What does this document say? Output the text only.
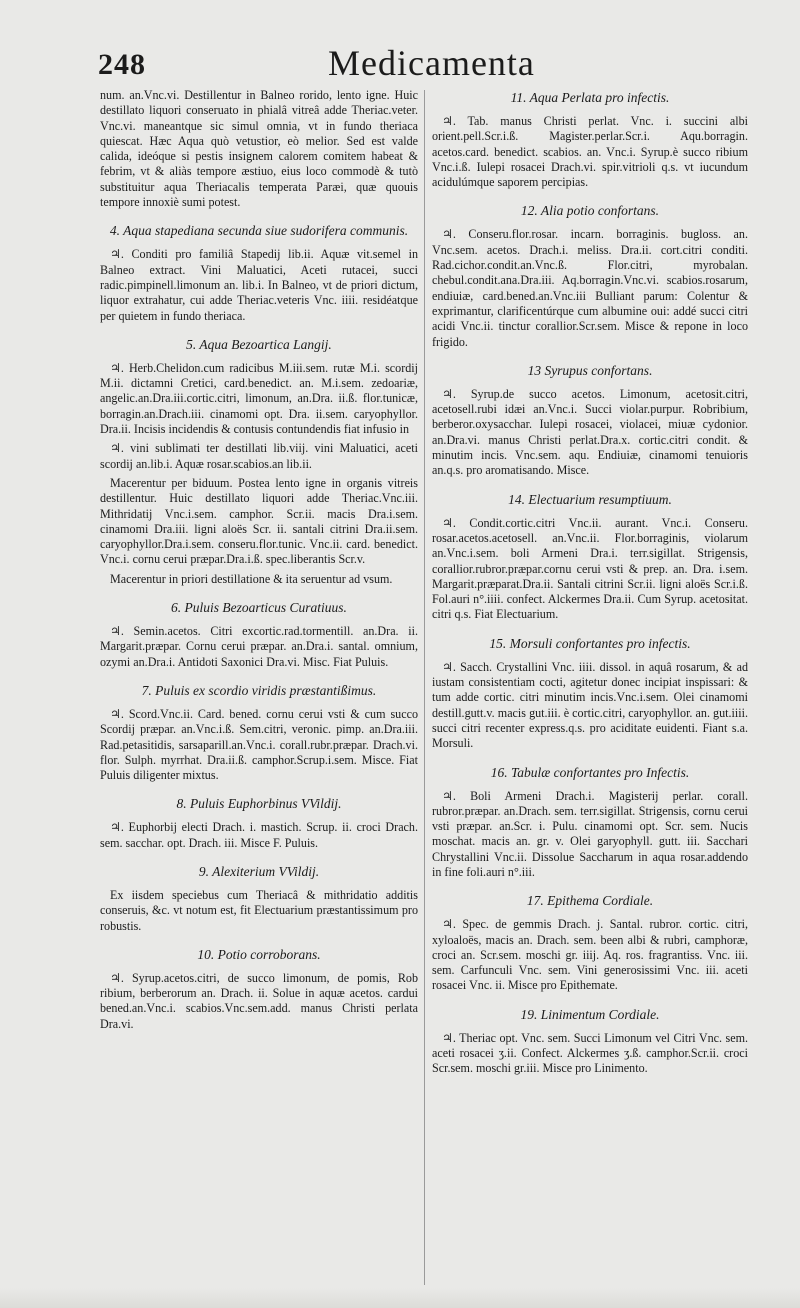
248	Medicamenta

num. an.Vnc.vi. Destillentur in Balneo rorido, lento igne. Huic destillato liquori conseruato in phialâ vitreâ adde Theriac.veter. Vnc.vi. maneantque sic simul omnia, vt in fundo theriaca quiescat. Hæc Aqua quò vetustior, eò melior. Sed est valde calida, ideóque si pestis insignem calorem comitem habeat & febrim, vt & aliàs tempore æstiuo, eius loco commodè & tutò substituitur aqua Theriacalis temperata Paræi, quæ quouis tempore innoxiè sumi potest.

4. Aqua stapediana secunda siue sudorifera communis.

♃. Conditi pro familiâ Stapedij lib.ii. Aquæ vit.semel in Balneo extract. Vini Maluatici, Aceti rutacei, succi radic.pimpinell.limonum an. lib.i. In Balneo, vt de priori dictum, liquor extrahatur, cui adde Theriac.veteris Vnc. iiii. residéatque per quietem in fundo theriaca.

5. Aqua Bezoartica Langij.

♃. Herb.Chelidon.cum radicibus M.iii.sem. rutæ M.i. scordij M.ii. dictamni Cretici, card.benedict. an. M.i.sem. zedoariæ, angelic.an.Dra.iii.cortic.citri, limonum, an.Dra. ii.ß. flor.tunicæ, borragin.an.Drach.iii. cinamomi opt. Dra. ii.sem. caryophyllor. Dra.ii. Incisis incidendis & contusis contundendis fiat infusio in

♃. vini sublimati ter destillati lib.viij. vini Maluatici, aceti scordij an.lib.i. Aquæ rosar.scabios.an lib.ii.

Macerentur per biduum. Postea lento igne in organis vitreis destillentur. Huic destillato liquori adde Theriac.Vnc.iii. Mithridatij Vnc.i.sem. camphor. Scr.ii. macis Dra.i.sem. cinamomi Dra.iii. ligni aloës Scr. ii. santali citrini Dra.ii.sem. caryophyllor.Dra.i.sem. conseru.flor.tunic. Vnc.ii. card. benedict. Vnc.i. cornu cerui præpar.Dra.i.ß. spec.liberantis Scr.v.

Macerentur in priori destillatione & ita seruentur ad vsum.

6. Puluis Bezoarticus Curatiuus.

♃. Semin.acetos. Citri excortic.rad.tormentill. an.Dra. ii. Margarit.præpar. Cornu cerui præpar. an.Dra.i. santal. omnium, ozymi an.Dra.i. Antidoti Saxonici Dra.vi. Misc. Fiat Puluis.

7. Puluis ex scordio viridis præstantißimus.

♃. Scord.Vnc.ii. Card. bened. cornu cerui vsti & cum succo Scordij præpar. an.Vnc.i.ß. Sem.citri, veronic. pimp. an.Dra.iii. Rad.petasitidis, sarsaparill.an.Vnc.i. corall.rubr.præpar. Drach.vi. flor. Sulph. myrrhat. Dra.ii.ß. camphor.Scrup.i.sem. Misce. Fiat Puluis diligenter mixtus.

8. Puluis Euphorbinus VVildij.

♃. Euphorbij electi Drach. i. mastich. Scrup. ii. croci Drach. sem. sacchar. opt. Drach. iii. Misce F. Puluis.

9. Alexiterium VVildij.

Ex iisdem speciebus cum Theriacâ & mithridatio additis conseruis, &c. vt notum est, fit Electuarium præstantissimum pro robustis.

10. Potio corroborans.

♃. Syrup.acetos.citri, de succo limonum, de pomis, Rob ribium, berberorum an. Drach. ii. Solue in aquæ acetos. cardui bened.an.Vnc.i. scabios.Vnc.sem.add. manus Christi perlata Dra.vi.

11. Aqua Perlata pro infectis.

♃. Tab. manus Christi perlat. Vnc. i. succini albi orient.pell.Scr.i.ß. Magister.perlar.Scr.i. Aqu.borragin. acetos.card. benedict. scabios. an. Vnc.i. Syrup.è succo ribium Vnc.i.ß. Iulepi rosacei Drach.vi. spir.vitrioli q.s. vt iucundum acidulúmque saporem percipias.

12. Alia potio confortans.

♃. Conseru.flor.rosar. incarn. borraginis. bugloss. an. Vnc.sem. acetos. Drach.i. meliss. Dra.ii. cort.citri conditi. Rad.cichor.condit.an.Vnc.ß. Flor.citri, myrobalan. chebul.condit.ana.Dra.iii. Aq.borragin.Vnc.vi. scabios.rosarum, endiuiæ, card.bened.an.Vnc.iii Bulliant parum: Colentur & exprimantur, clarificentúrque cum albumine oui: addé succi citri acidi Vnc.ii. tinctur corallior.Scr.sem. Misce & repone in loco frigido.

13 Syrupus confortans.

♃. Syrup.de succo acetos. Limonum, acetosit.citri, acetosell.rubi idæi an.Vnc.i. Succi violar.purpur. Robribium, berberor.oxysacchar. Iulepi rosacei, violacei, miuæ cydonior. an.Dra.vi. manus Christi perlat.Dra.x. cortic.citri condit. & minutim incis. Vnc.sem. aqu. Endiuiæ, cinamomi tenuioris an.q.s. pro aromatisando. Misce.

14. Electuarium resumptiuum.

♃. Condit.cortic.citri Vnc.ii. aurant. Vnc.i. Conseru. rosar.acetos.acetosell. an.Vnc.ii. Flor.borraginis, violarum an.Vnc.i.sem. boli Armeni Dra.i. terr.sigillat. Strigensis, corallior.rubror.præpar.cornu cerui vsti & prep. an. Dra. i.sem. Margarit.præparat.Dra.ii. Santali citrini Scr.ii. ligni aloës Scr.i.ß. Fol.auri n°.iiii. confect. Alckermes Dra.ii. Cum Syrup. acetositat. citri q.s. Fiat Electuarium.

15. Morsuli confortantes pro infectis.

♃. Sacch. Crystallini Vnc. iiii. dissol. in aquâ rosarum, & ad iustam consistentiam cocti, agitetur donec incipiat inspissari: & tum adde cortic. citri minutim incis.Vnc.i.sem. Olei cinamomi destill.gutt.v. macis gut.iii. è cortic.citri, caryophyllor. an. gut.iiii. succi citri recenter express.q.s. pro aciditate euidenti. Fiant s.a. Morsuli.

16. Tabulæ confortantes pro Infectis.

♃. Boli Armeni Drach.i. Magisterij perlar. corall. rubror.præpar. an.Drach. sem. terr.sigillat. Strigensis, cornu cerui vsti præpar. an.Scr. i. Pulu. cinamomi opt. Scr. sem. Nucis moschat. macis an. gr. v. Olei garyophyll. gutt. iii. Sacchari Chrystallini Vnc.ii. Dissolue Saccharum in aqua rosar.addendo in fine foli.auri n°.iii.

17. Epithema Cordiale.

♃. Spec. de gemmis Drach. j. Santal. rubror. cortic. citri, xyloaloës, macis an. Drach. sem. been albi & rubri, camphoræ, croci an. Scr.sem. moschi gr. iiij. Aq. ros. fragrantiss. Vnc. iii. sem. Carfunculi Vnc. sem. Vini generosissimi Vnc. iii. aceti rosacei Vnc. ii. Misce pro Epithemate.

19. Linimentum Cordiale.

♃. Theriac opt. Vnc. sem. Succi Limonum vel Citri Vnc. sem. aceti rosacei ʒ.ii. Confect. Alckermes ʒ.ß. camphor.Scr.ii. croci Scr.sem. moschi gr.iii. Misce pro Linimento.
